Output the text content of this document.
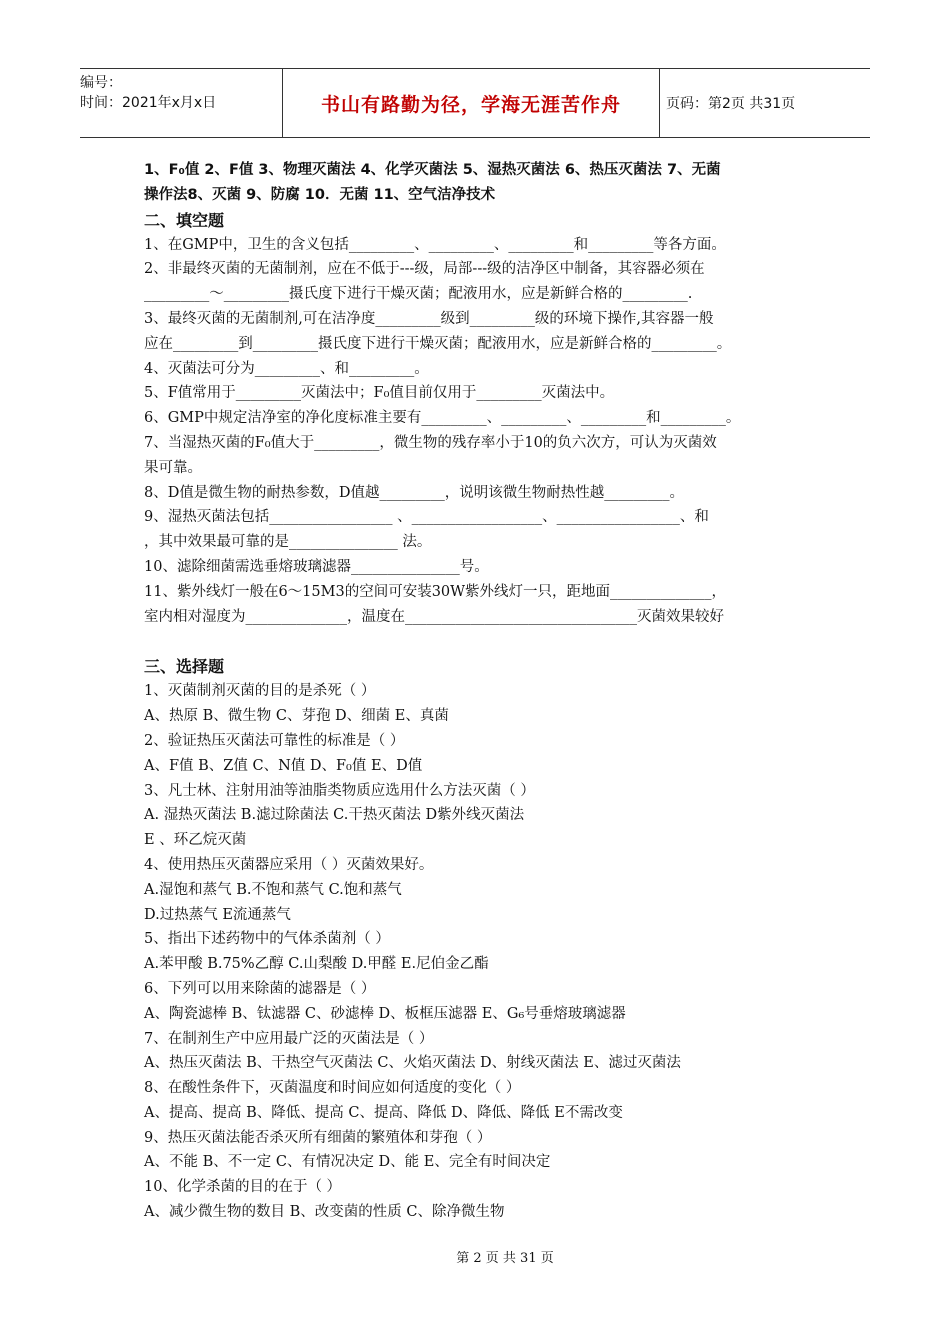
编号：
时间：2021年x月x日	书山有路勤为径，学海无涯苦作舟	页码：第2页 共31页
1、F₀值 2、F值 3、物理灭菌法 4、化学灭菌法 5、湿热灭菌法 6、热压灭菌法 7、无菌
操作法8、灭菌 9、防腐 10．无菌 11、空气洁净技术
二、填空题
1、在GMP中，卫生的含义包括_________、_________、_________和_________等各方面。
2、非最终灭菌的无菌制剂，应在不低于---级，局部---级的洁净区中制备，其容器必须在
_________～_________摄氏度下进行干燥灭菌；配液用水，应是新鲜合格的_________.
3、最终灭菌的无菌制剂,可在洁净度_________级到_________级的环境下操作,其容器一般
应在_________到_________摄氏度下进行干燥灭菌；配液用水，应是新鲜合格的_________。
4、灭菌法可分为_________、和_________。
5、F值常用于_________灭菌法中；F₀值目前仅用于_________灭菌法中。
6、GMP中规定洁净室的净化度标准主要有_________、_________、_________和_________。
7、当湿热灭菌的F₀值大于_________，微生物的残存率小于10的负六次方，可认为灭菌效
果可靠。
8、D值是微生物的耐热参数，D值越_________，说明该微生物耐热性越_________。
9、湿热灭菌法包括_________________ 、__________________、_________________、和
，其中效果最可靠的是_______________ 法。
10、滤除细菌需选垂熔玻璃滤器_______________号。
11、紫外线灯一般在6～15M3的空间可安装30W紫外线灯一只，距地面______________，
室内相对湿度为______________，温度在________________________________灭菌效果较好
三、选择题
1、灭菌制剂灭菌的目的是杀死（ ）
A、热原 B、微生物 C、芽孢 D、细菌 E、真菌
2、验证热压灭菌法可靠性的标准是（ ）
A、F值 B、Z值 C、N值 D、F₀值 E、D值
3、凡士林、注射用油等油脂类物质应选用什么方法灭菌（ ）
A. 湿热灭菌法 B.滤过除菌法 C.干热灭菌法 D紫外线灭菌法
E 、环乙烷灭菌
4、使用热压灭菌器应采用（ ）灭菌效果好。
A.湿饱和蒸气 B.不饱和蒸气 C.饱和蒸气
D.过热蒸气 E流通蒸气
5、指出下述药物中的气体杀菌剂（ ）
A.苯甲酸 B.75%乙醇 C.山梨酸 D.甲醛 E.尼伯金乙酯
6、下列可以用来除菌的滤器是（ ）
A、陶瓷滤棒 B、钛滤器 C、砂滤棒 D、板框压滤器 E、G₆号垂熔玻璃滤器
7、在制剂生产中应用最广泛的灭菌法是（ ）
A、热压灭菌法 B、干热空气灭菌法 C、火焰灭菌法 D、射线灭菌法 E、滤过灭菌法
8、在酸性条件下，灭菌温度和时间应如何适度的变化（ ）
A、提高、提高 B、降低、提高 C、提高、降低 D、降低、降低 E不需改变
9、热压灭菌法能否杀灭所有细菌的繁殖体和芽孢（ ）
A、不能 B、不一定 C、有情况决定 D、能 E、完全有时间决定
10、化学杀菌的目的在于（ ）
A、减少微生物的数目 B、改变菌的性质 C、除净微生物
第 2 页 共 31 页
